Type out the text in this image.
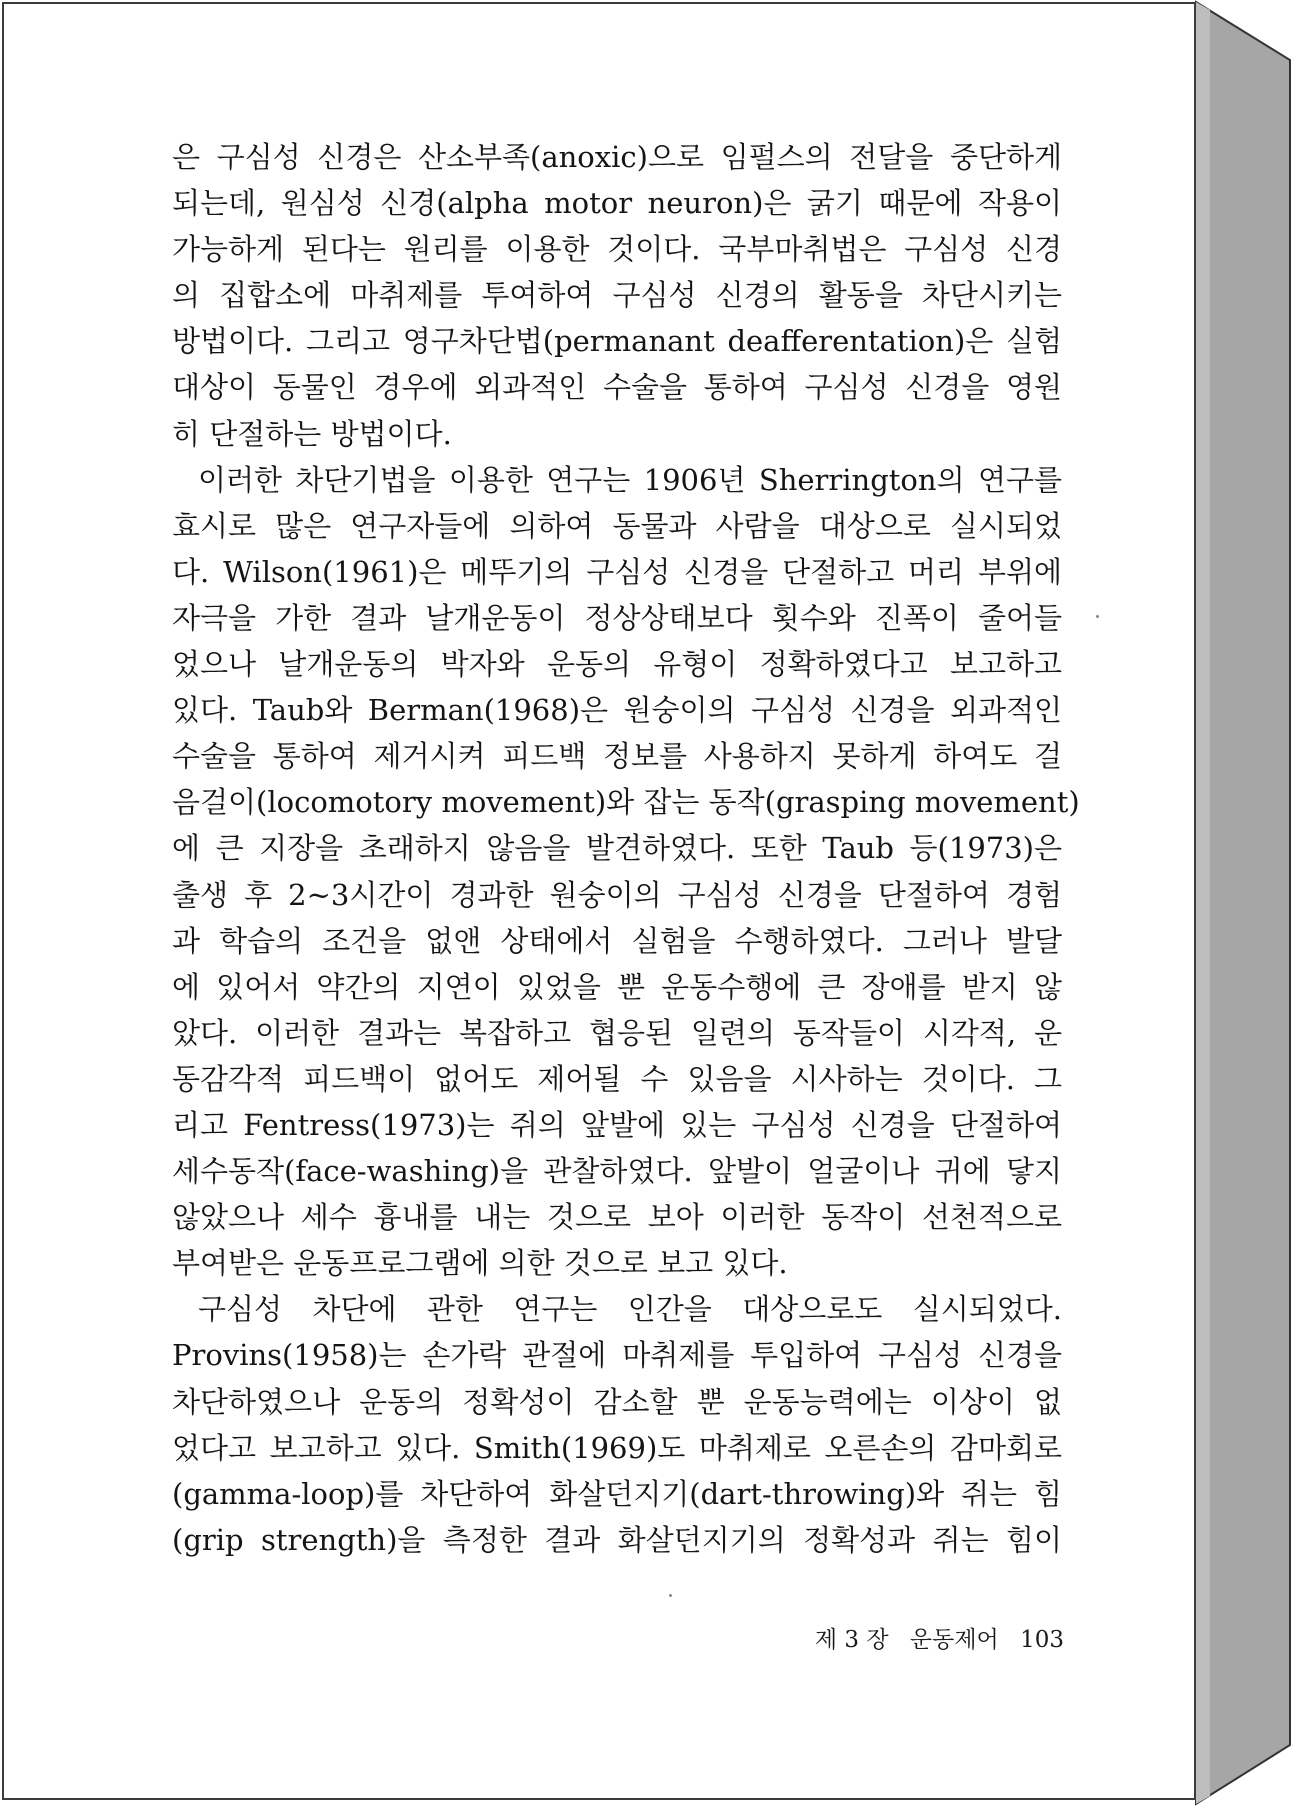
은 구심성 신경은 산소부족(anoxic)으로 임펄스의 전달을 중단하게
되는데, 원심성 신경(alpha motor neuron)은 굵기 때문에 작용이
가능하게 된다는 원리를 이용한 것이다. 국부마취법은 구심성 신경
의 집합소에 마취제를 투여하여 구심성 신경의 활동을 차단시키는
방법이다. 그리고 영구차단법(permanant deafferentation)은 실험
대상이 동물인 경우에 외과적인 수술을 통하여 구심성 신경을 영원
히 단절하는 방법이다.
이러한 차단기법을 이용한 연구는 1906년 Sherrington의 연구를
효시로 많은 연구자들에 의하여 동물과 사람을 대상으로 실시되었
다. Wilson(1961)은 메뚜기의 구심성 신경을 단절하고 머리 부위에
자극을 가한 결과 날개운동이 정상상태보다 횟수와 진폭이 줄어들
었으나 날개운동의 박자와 운동의 유형이 정확하였다고 보고하고
있다. Taub와 Berman(1968)은 원숭이의 구심성 신경을 외과적인
수술을 통하여 제거시켜 피드백 정보를 사용하지 못하게 하여도 걸
음걸이(locomotory movement)와 잡는 동작(grasping movement)
에 큰 지장을 초래하지 않음을 발견하였다. 또한 Taub 등(1973)은
출생 후 2~3시간이 경과한 원숭이의 구심성 신경을 단절하여 경험
과 학습의 조건을 없앤 상태에서 실험을 수행하였다. 그러나 발달
에 있어서 약간의 지연이 있었을 뿐 운동수행에 큰 장애를 받지 않
았다. 이러한 결과는 복잡하고 협응된 일련의 동작들이 시각적, 운
동감각적 피드백이 없어도 제어될 수 있음을 시사하는 것이다. 그
리고 Fentress(1973)는 쥐의 앞발에 있는 구심성 신경을 단절하여
세수동작(face-washing)을 관찰하였다. 앞발이 얼굴이나 귀에 닿지
않았으나 세수 흉내를 내는 것으로 보아 이러한 동작이 선천적으로
부여받은 운동프로그램에 의한 것으로 보고 있다.
구심성 차단에 관한 연구는 인간을 대상으로도 실시되었다.
Provins(1958)는 손가락 관절에 마취제를 투입하여 구심성 신경을
차단하였으나 운동의 정확성이 감소할 뿐 운동능력에는 이상이 없
었다고 보고하고 있다. Smith(1969)도 마취제로 오른손의 감마회로
(gamma-loop)를 차단하여 화살던지기(dart-throwing)와 쥐는 힘
(grip strength)을 측정한 결과 화살던지기의 정확성과 쥐는 힘이
제 3 장 운동제어 103
